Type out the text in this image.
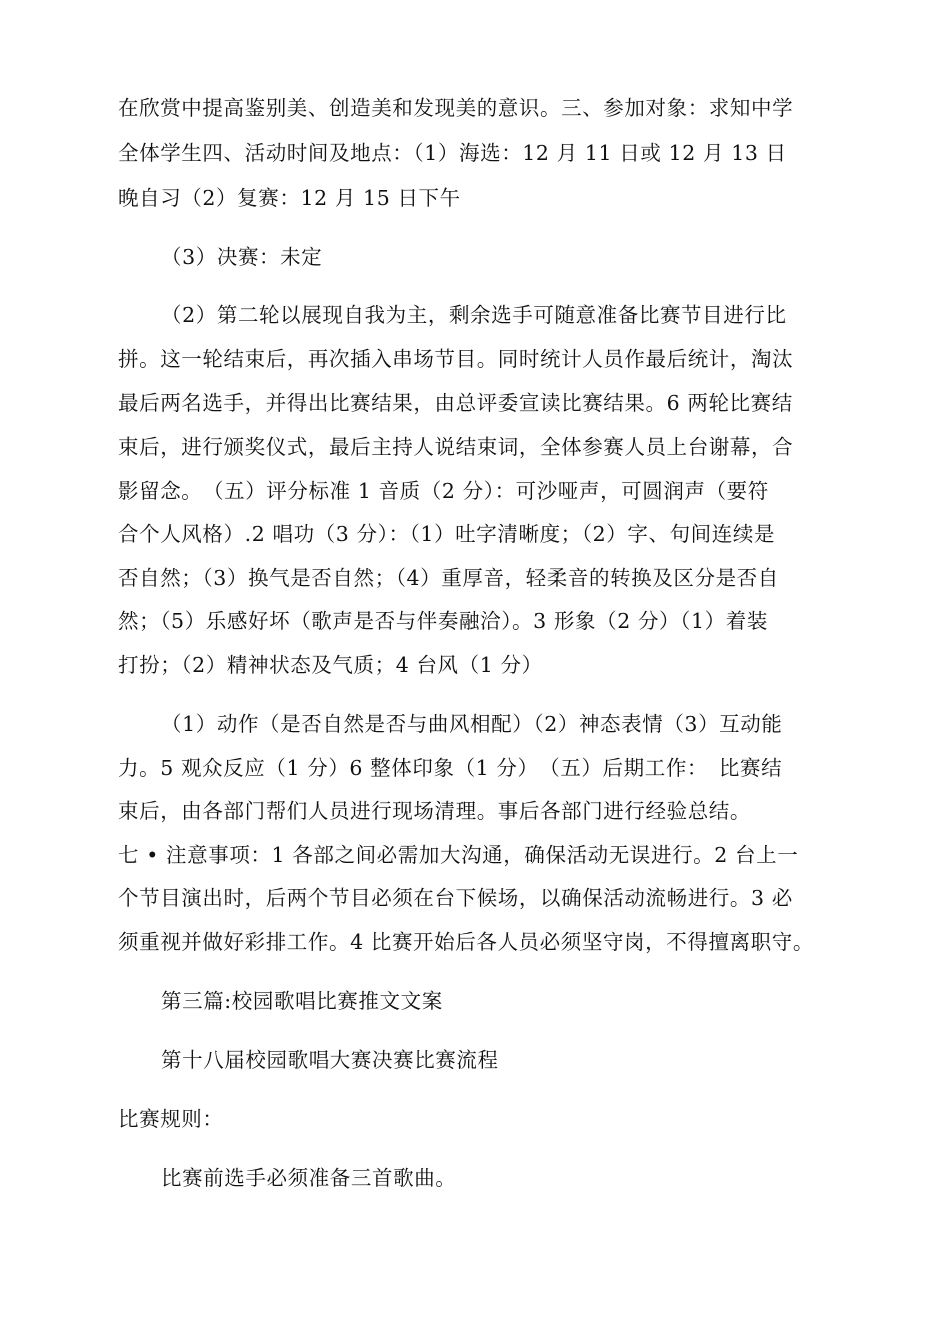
在欣赏中提高鉴别美、创造美和发现美的意识。三、参加对象：求知中学
全体学生四、活动时间及地点：（1）海选：12 月 11 日或 12 月 13 日
晚自习（2）复赛：12 月 15 日下午
（3）决赛：未定
（2）第二轮以展现自我为主，剩余选手可随意准备比赛节目进行比
拼。这一轮结束后，再次插入串场节目。同时统计人员作最后统计，淘汰
最后两名选手，并得出比赛结果，由总评委宣读比赛结果。6 两轮比赛结
束后，进行颁奖仪式，最后主持人说结束词，全体参赛人员上台谢幕，合
影留念。　（五）评分标准 1 音质（2 分）：可沙哑声，可圆润声（要符
合个人风格）.2 唱功（3 分）：（1）吐字清晰度；（2）字、句间连续是
否自然；（3）换气是否自然；（4）重厚音，轻柔音的转换及区分是否自
然；（5）乐感好坏（歌声是否与伴奏融洽）。3 形象（2 分）（1）着装
打扮；（2）精神状态及气质；4 台风（1 分）
（1）动作（是否自然是否与曲风相配）（2）神态表情（3）互动能
力。5 观众反应（1 分）6 整体印象（1 分）　（五）后期工作：　比赛结
束后，由各部门帮们人员进行现场清理。事后各部门进行经验总结。
七 • 注意事项：1 各部之间必需加大沟通，确保活动无误进行。2 台上一
个节目演出时，后两个节目必须在台下候场，以确保活动流畅进行。3 必
须重视并做好彩排工作。4 比赛开始后各人员必须坚守岗，不得擅离职守。
第三篇:校园歌唱比赛推文文案
第十八届校园歌唱大赛决赛比赛流程
比赛规则：
比赛前选手必须准备三首歌曲。
